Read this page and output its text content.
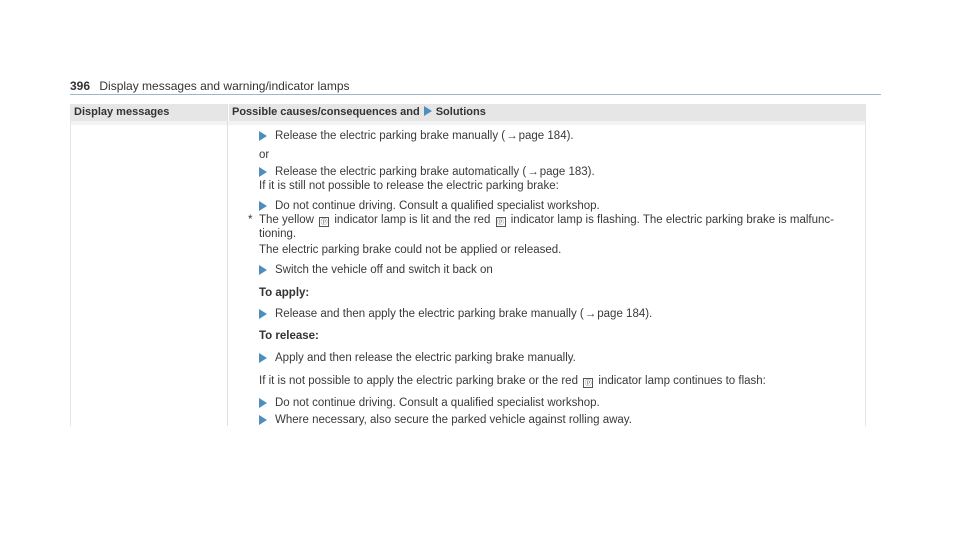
396 Display messages and warning/indicator lamps
Display messages	Possible causes/consequences and Solutions
Release the electric parking brake manually (→page 184).
or
Release the electric parking brake automatically (→page 183).
If it is still not possible to release the electric parking brake:
Do not continue driving. Consult a qualified specialist workshop.
* The yellow ⓟ indicator lamp is lit and the red ⓟ indicator lamp is flashing. The electric parking brake is malfunc-
tioning.
The electric parking brake could not be applied or released.
Switch the vehicle off and switch it back on
To apply:
Release and then apply the electric parking brake manually (→page 184).
To release:
Apply and then release the electric parking brake manually.
If it is not possible to apply the electric parking brake or the red ⓟ indicator lamp continues to flash:
Do not continue driving. Consult a qualified specialist workshop.
Where necessary, also secure the parked vehicle against rolling away.
